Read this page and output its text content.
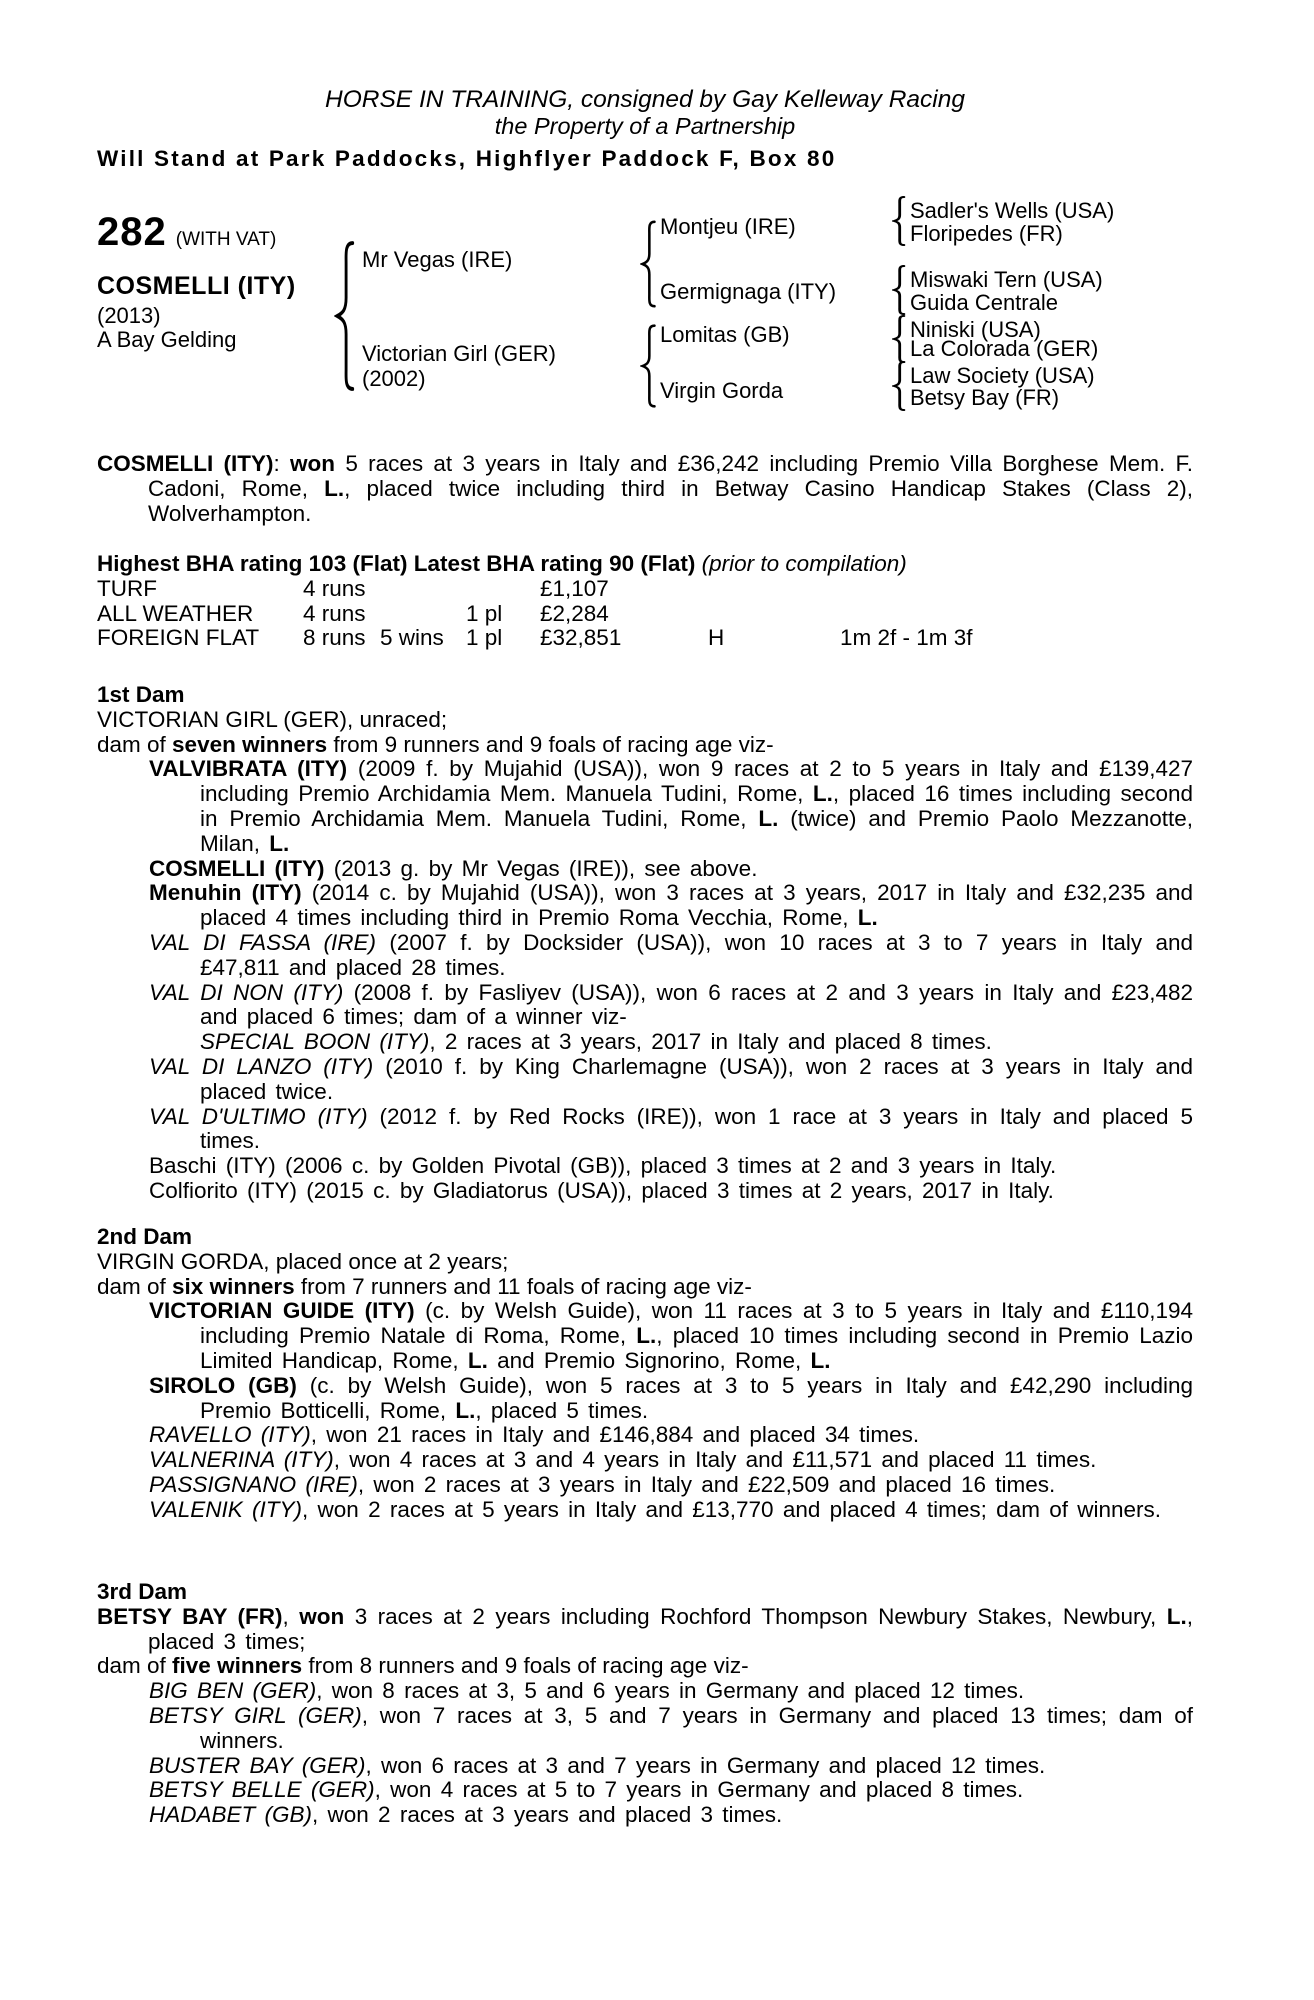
HORSE IN TRAINING, consigned by Gay Kelleway Racing
the Property of a Partnership
Will Stand at Park Paddocks, Highflyer Paddock F, Box 80
282 (WITH VAT)
COSMELLI (ITY)
(2013)
A Bay Gelding
Mr Vegas (IRE)
Victorian Girl (GER)
(2002)
Montjeu (IRE)
Germignaga (ITY)
Lomitas (GB)
Virgin Gorda
Sadler's Wells (USA)
Floripedes (FR)
Miswaki Tern (USA)
Guida Centrale
Niniski (USA)
La Colorada (GER)
Law Society (USA)
Betsy Bay (FR)
COSMELLI (ITY): won 5 races at 3 years in Italy and £36,242 including Premio Villa Borghese Mem. F. Cadoni, Rome, L., placed twice including third in Betway Casino Handicap Stakes (Class 2), Wolverhampton.
Highest BHA rating 103 (Flat) Latest BHA rating 90 (Flat) (prior to compilation)
TURF	4 runs	£1,107
ALL WEATHER 4 runs	1 pl £2,284
FOREIGN FLAT 8 runs 5 wins 1 pl £32,851	H	1m 2f - 1m 3f
1st Dam
VICTORIAN GIRL (GER), unraced;
dam of seven winners from 9 runners and 9 foals of racing age viz-
VALVIBRATA (ITY) (2009 f. by Mujahid (USA)), won 9 races at 2 to 5 years in Italy and £139,427 including Premio Archidamia Mem. Manuela Tudini, Rome, L., placed 16 times including second in Premio Archidamia Mem. Manuela Tudini, Rome, L. (twice) and Premio Paolo Mezzanotte, Milan, L.
COSMELLI (ITY) (2013 g. by Mr Vegas (IRE)), see above.
Menuhin (ITY) (2014 c. by Mujahid (USA)), won 3 races at 3 years, 2017 in Italy and £32,235 and placed 4 times including third in Premio Roma Vecchia, Rome, L.
VAL DI FASSA (IRE) (2007 f. by Docksider (USA)), won 10 races at 3 to 7 years in Italy and £47,811 and placed 28 times.
VAL DI NON (ITY) (2008 f. by Fasliyev (USA)), won 6 races at 2 and 3 years in Italy and £23,482 and placed 6 times; dam of a winner viz-
SPECIAL BOON (ITY), 2 races at 3 years, 2017 in Italy and placed 8 times.
VAL DI LANZO (ITY) (2010 f. by King Charlemagne (USA)), won 2 races at 3 years in Italy and placed twice.
VAL D'ULTIMO (ITY) (2012 f. by Red Rocks (IRE)), won 1 race at 3 years in Italy and placed 5 times.
Baschi (ITY) (2006 c. by Golden Pivotal (GB)), placed 3 times at 2 and 3 years in Italy.
Colfiorito (ITY) (2015 c. by Gladiatorus (USA)), placed 3 times at 2 years, 2017 in Italy.
2nd Dam
VIRGIN GORDA, placed once at 2 years;
dam of six winners from 7 runners and 11 foals of racing age viz-
VICTORIAN GUIDE (ITY) (c. by Welsh Guide), won 11 races at 3 to 5 years in Italy and £110,194 including Premio Natale di Roma, Rome, L., placed 10 times including second in Premio Lazio Limited Handicap, Rome, L. and Premio Signorino, Rome, L.
SIROLO (GB) (c. by Welsh Guide), won 5 races at 3 to 5 years in Italy and £42,290 including Premio Botticelli, Rome, L., placed 5 times.
RAVELLO (ITY), won 21 races in Italy and £146,884 and placed 34 times.
VALNERINA (ITY), won 4 races at 3 and 4 years in Italy and £11,571 and placed 11 times.
PASSIGNANO (IRE), won 2 races at 3 years in Italy and £22,509 and placed 16 times.
VALENIK (ITY), won 2 races at 5 years in Italy and £13,770 and placed 4 times; dam of winners.
3rd Dam
BETSY BAY (FR), won 3 races at 2 years including Rochford Thompson Newbury Stakes, Newbury, L., placed 3 times;
dam of five winners from 8 runners and 9 foals of racing age viz-
BIG BEN (GER), won 8 races at 3, 5 and 6 years in Germany and placed 12 times.
BETSY GIRL (GER), won 7 races at 3, 5 and 7 years in Germany and placed 13 times; dam of winners.
BUSTER BAY (GER), won 6 races at 3 and 7 years in Germany and placed 12 times.
BETSY BELLE (GER), won 4 races at 5 to 7 years in Germany and placed 8 times.
HADABET (GB), won 2 races at 3 years and placed 3 times.
